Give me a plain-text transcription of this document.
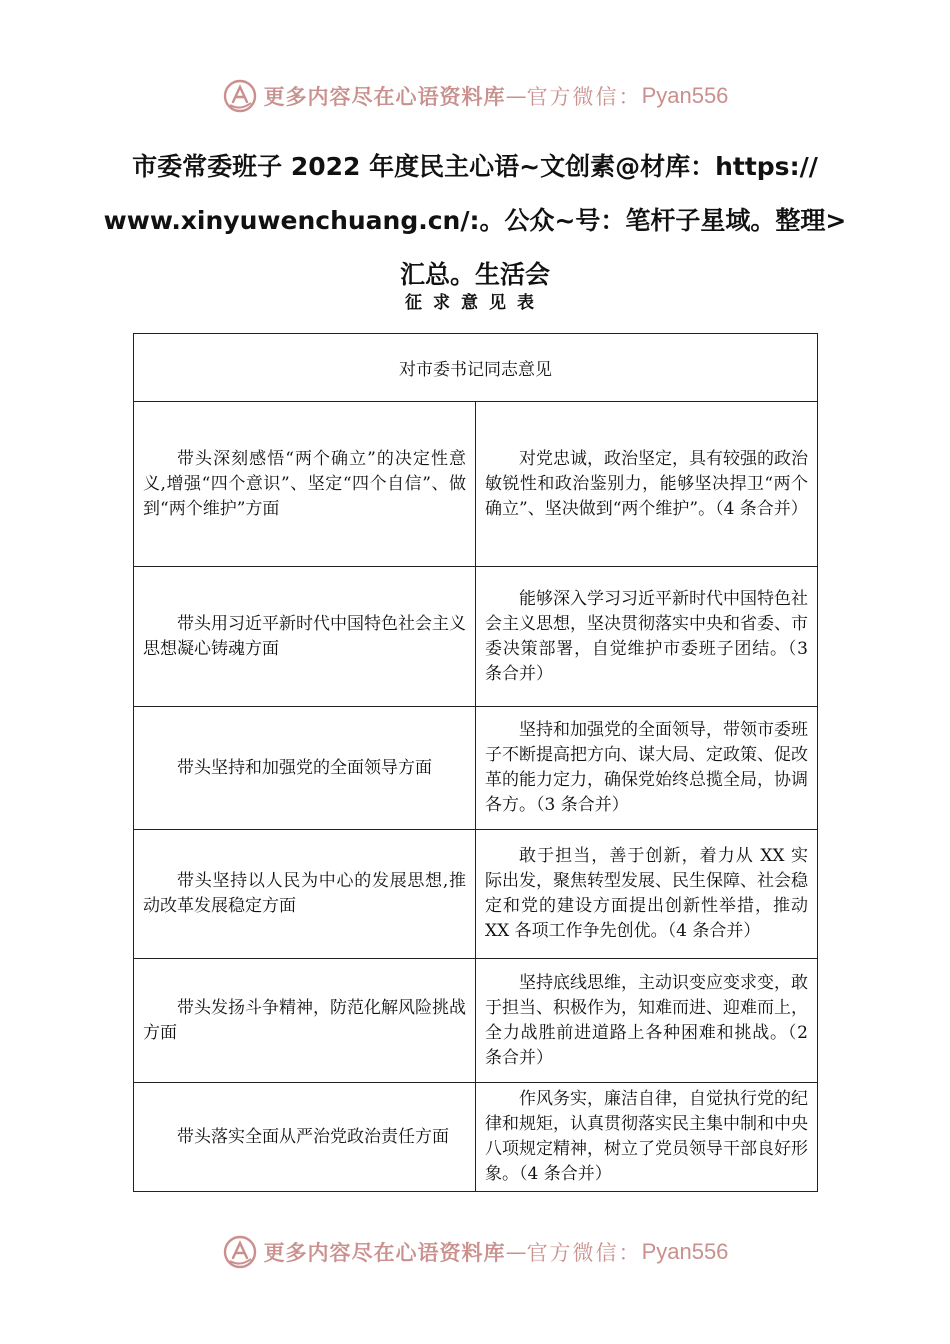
更多内容尽在心语资料库 — 官方微信： Pyan556
市委常委班子 2022 年度民主心语~文创素@材库：https://
www.xinyuwenchuang.cn/:。公众~号：笔杆子星域。整理>
汇总。生活会
征求意见表
对市委书记同志意见	
带头深刻感悟“两个确立”的决定性意义,增强“四个意识”、坚定“四个自信”、做到“两个维护”方面	对党忠诚，政治坚定，具有较强的政治敏锐性和政治鉴别力，能够坚决捍卫“两个确立”、坚决做到“两个维护”。（4 条合并）
带头用习近平新时代中国特色社会主义思想凝心铸魂方面	能够深入学习习近平新时代中国特色社会主义思想，坚决贯彻落实中央和省委、市委决策部署，自觉维护市委班子团结。（3 条合并）
带头坚持和加强党的全面领导方面	坚持和加强党的全面领导，带领市委班子不断提高把方向、谋大局、定政策、促改革的能力定力，确保党始终总揽全局，协调各方。（3 条合并）
带头坚持以人民为中心的发展思想,推动改革发展稳定方面	敢于担当，善于创新，着力从 XX 实际出发，聚焦转型发展、民生保障、社会稳定和党的建设方面提出创新性举措，推动 XX 各项工作争先创优。（4 条合并）
带头发扬斗争精神，防范化解风险挑战方面	坚持底线思维，主动识变应变求变，敢于担当、积极作为，知难而进、迎难而上，全力战胜前进道路上各种困难和挑战。（2 条合并）
带头落实全面从严治党政治责任方面	作风务实，廉洁自律，自觉执行党的纪律和规矩，认真贯彻落实民主集中制和中央八项规定精神，树立了党员领导干部良好形象。（4 条合并）
更多内容尽在心语资料库 — 官方微信： Pyan556
